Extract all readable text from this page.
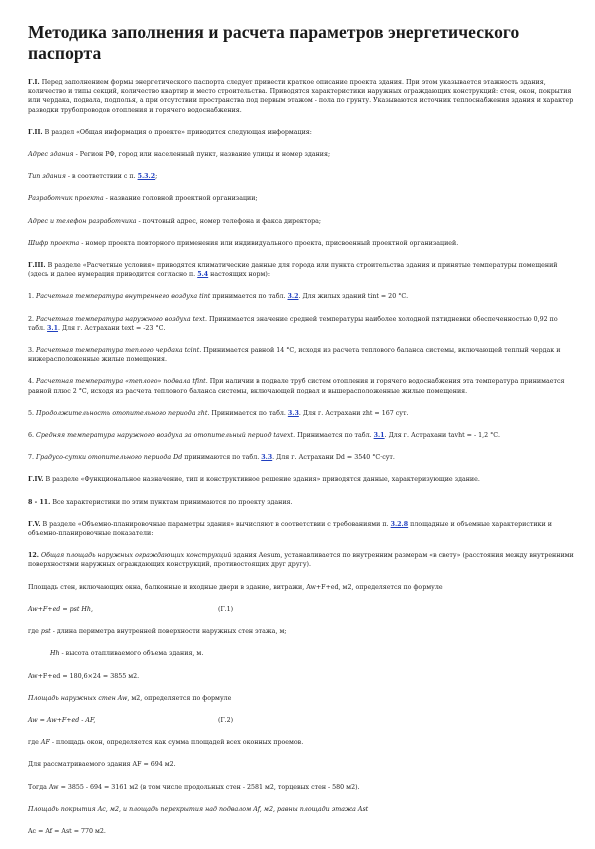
Методика заполнения и расчета параметров энергетического паспорта

Г.I. Перед заполнением формы энергетического паспорта следует привести краткое описание проекта здания. При этом указывается этажность здания, количество и типы секций, количество квартир и место строительства. Приводятся характеристики наружных ограждающих конструкций: стен, окон, покрытия или чердака, подвала, подполья, а при отсутствии пространства под первым этажом - пола по грунту. Указываются источник теплоснабжения здания и характер разводки трубопроводов отопления и горячего водоснабжения.

Г.II. В раздел «Общая информация о проекте» приводится следующая информация:

Адрес здания - Регион РФ, город или населенный пункт, название улицы и номер здания;

Тип здания - в соответствии с п. 5.3.2;

Разработчик проекта - название головной проектной организации;

Адрес и телефон разработчика - почтовый адрес, номер телефона и факса директора;

Шифр проекта - номер проекта повторного применения или индивидуального проекта, присвоенный проектной организацией.

Г.III. В разделе «Расчетные условия» приводятся климатические данные для города или пункта строительства здания и принятые температуры помещений (здесь и далее нумерация приводится согласно п. 5.4 настоящих норм):

1. Расчетная температура внутреннего воздуха tint принимается по табл. 3.2. Для жилых зданий tint = 20 °С.

2. Расчетная температура наружного воздуха text. Принимается значение средней температуры наиболее холодной пятидневки обеспеченностью 0,92 по табл. 3.1. Для г. Астрахани text = -23 °С.

3. Расчетная температура теплого чердака tcint. Принимается равной 14 °С, исходя из расчета теплового баланса системы, включающей теплый чердак и нижерасположенные жилые помещения.

4. Расчетная температура «теплого» подвала tfint. При наличии в подвале труб систем отопления и горячего водоснабжения эта температура принимается равной плюс 2 °С, исходя из расчета теплового баланса системы, включающей подвал и вышерасположенные жилые помещения.

5. Продолжительность отопительного периода zht. Принимается по табл. 3.3. Для г. Астрахани zht = 167 сут.

6. Средняя температура наружного воздуха за отопительный период tavext. Принимается по табл. 3.1. Для г. Астрахани tavht = - 1,2 °С.

7. Градусо-сутки отопительного периода Dd принимаются по табл. 3.3. Для г. Астрахани Dd = 3540 °С·сут.

Г.IV. В разделе «Функциональное назначение, тип и конструктивное решение здания» приводятся данные, характеризующие здание.

8 - 11. Все характеристики по этим пунктам принимаются по проекту здания.

Г.V. В разделе «Объемно-планировочные параметры здания» вычисляют в соответствии с требованиями п. 3.2.8 площадные и объемные характеристики и объемно-планировочные показатели:

12. Общая площадь наружных ограждающих конструкций здания Aesum, устанавливается по внутренним размерам «в свету» (расстояния между внутренними поверхностями наружных ограждающих конструкций, противостоящих друг другу).

Площадь стен, включающих окна, балконные и входные двери в здание, витражи, Aw+F+ed, м2, определяется по формуле

Aw+F+ed = pst Hh,	(Г.1)

где pst - длина периметра внутренней поверхности наружных стен этажа, м;

Hh - высота отапливаемого объема здания, м.

Aw+F+ed = 180,6×24 = 3855 м2.

Площадь наружных стен Aw, м2, определяется по формуле

Aw = Aw+F+ed - AF,	(Г.2)

где AF - площадь окон, определяется как сумма площадей всех оконных проемов.

Для рассматриваемого здания AF = 694 м2.

Тогда Aw = 3855 - 694 = 3161 м2 (в том числе продольных стен - 2581 м2, торцевых стен - 580 м2).

Площадь покрытия Ac, м2, и площадь перекрытия над подвалом Af, м2, равны площади этажа Ast

Ac = Af = Ast = 770 м2.
